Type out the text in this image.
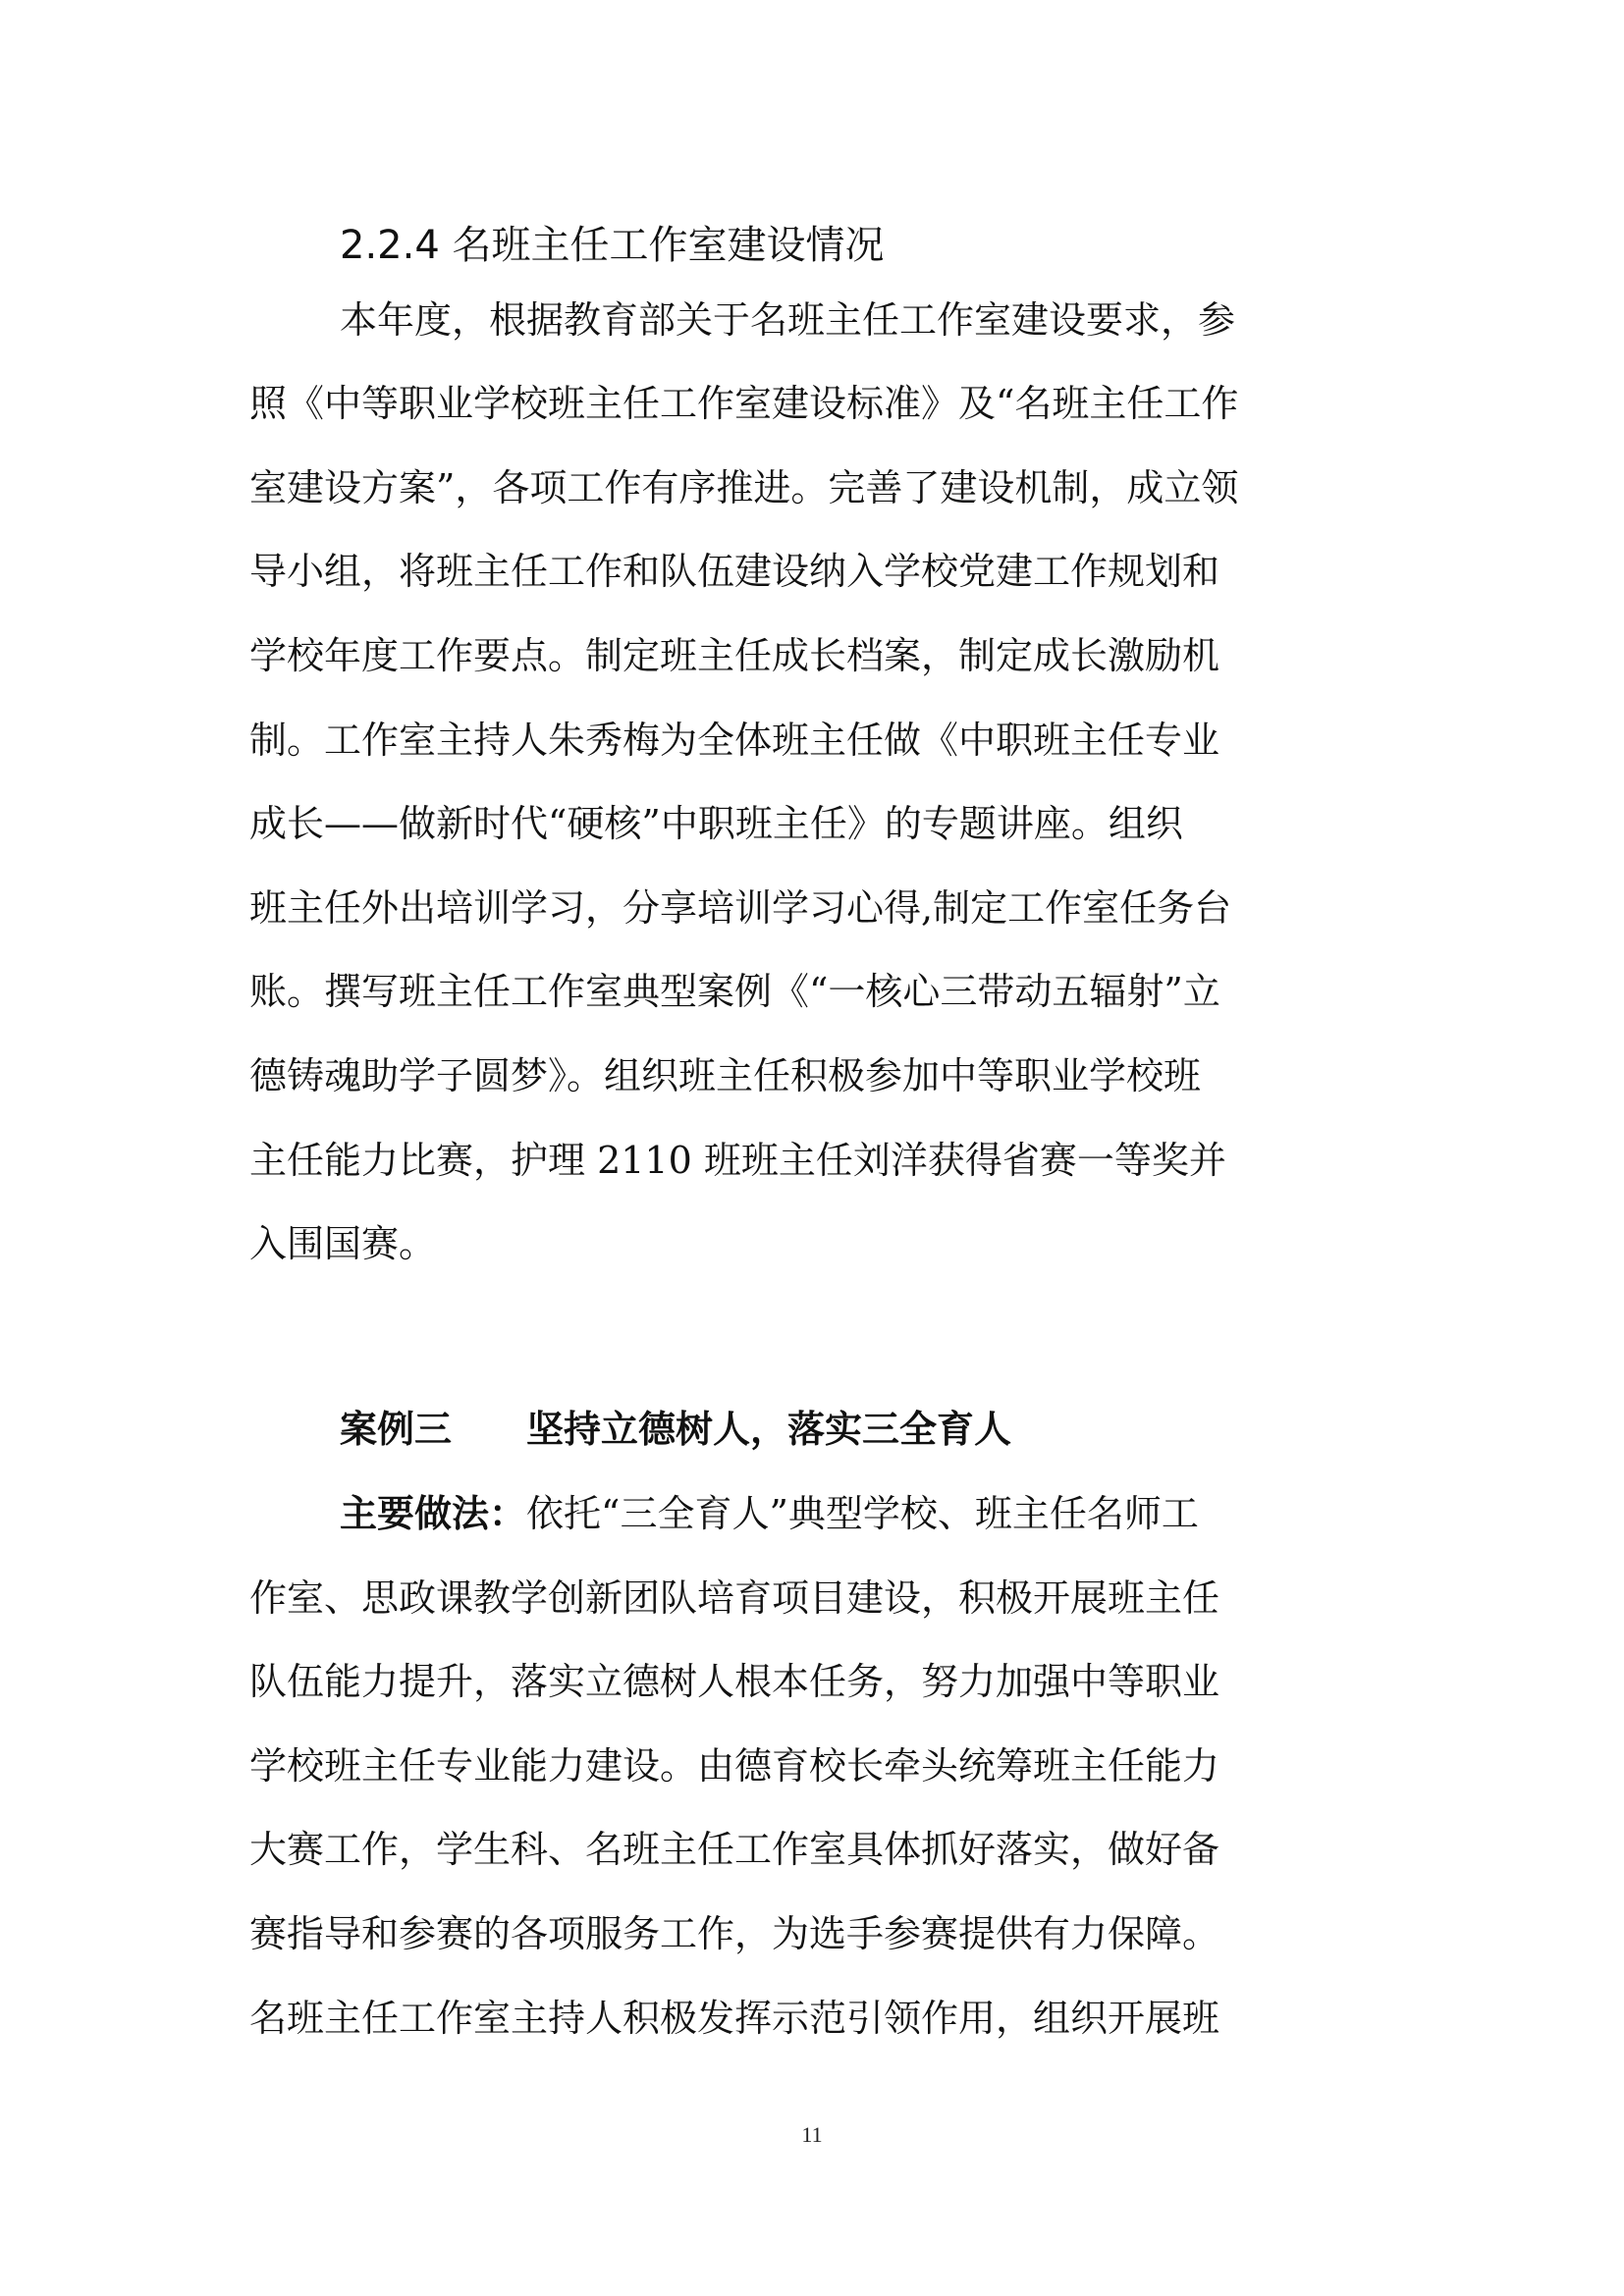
2.2.4 名班主任工作室建设情况

本年度，根据教育部关于名班主任工作室建设要求，参

照《中等职业学校班主任工作室建设标准》及“名班主任工作

室建设方案”，各项工作有序推进。完善了建设机制，成立领

导小组，将班主任工作和队伍建设纳入学校党建工作规划和

学校年度工作要点。制定班主任成长档案，制定成长激励机

制。工作室主持人朱秀梅为全体班主任做《中职班主任专业

成长——做新时代“硬核”中职班主任》的专题讲座。组织

班主任外出培训学习，分享培训学习心得,制定工作室任务台

账。撰写班主任工作室典型案例《“一核心三带动五辐射”立

德铸魂助学子圆梦》。组织班主任积极参加中等职业学校班

主任能力比赛，护理 2110 班班主任刘洋获得省赛一等奖并

入围国赛。

案例三　　坚持立德树人，落实三全育人

主要做法：依托“三全育人”典型学校、班主任名师工

作室、思政课教学创新团队培育项目建设，积极开展班主任

队伍能力提升，落实立德树人根本任务，努力加强中等职业

学校班主任专业能力建设。由德育校长牵头统筹班主任能力

大赛工作，学生科、名班主任工作室具体抓好落实，做好备

赛指导和参赛的各项服务工作，为选手参赛提供有力保障。

名班主任工作室主持人积极发挥示范引领作用，组织开展班

11
